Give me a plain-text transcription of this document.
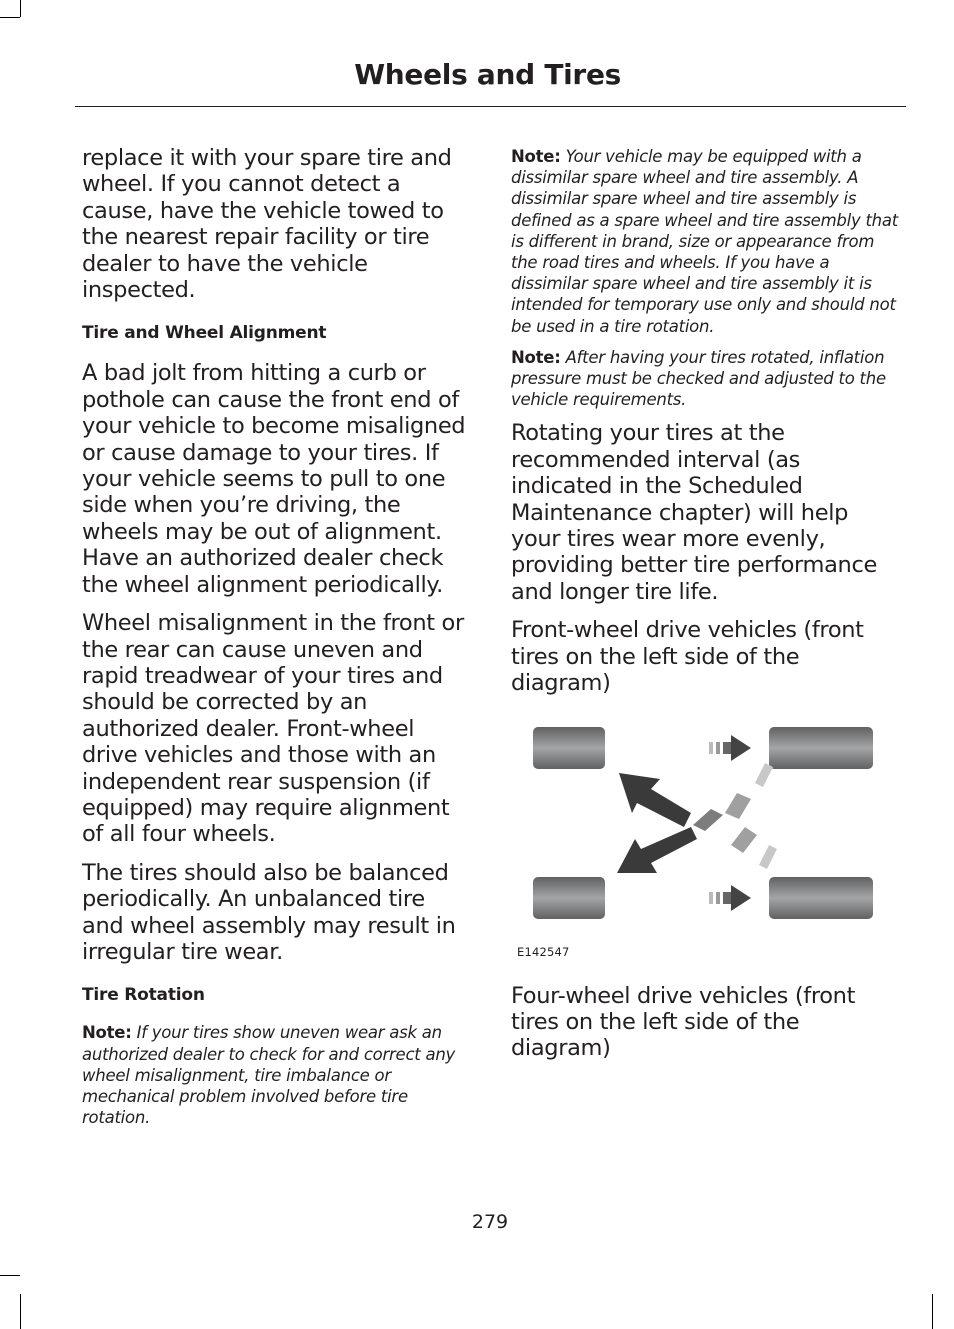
Wheels and Tires

replace it with your spare tire and wheel. If you cannot detect a cause, have the vehicle towed to the nearest repair facility or tire dealer to have the vehicle inspected.

Tire and Wheel Alignment

A bad jolt from hitting a curb or pothole can cause the front end of your vehicle to become misaligned or cause damage to your tires. If your vehicle seems to pull to one side when you’re driving, the wheels may be out of alignment. Have an authorized dealer check the wheel alignment periodically.

Wheel misalignment in the front or the rear can cause uneven and rapid treadwear of your tires and should be corrected by an authorized dealer. Front-wheel drive vehicles and those with an independent rear suspension (if equipped) may require alignment of all four wheels.

The tires should also be balanced periodically. An unbalanced tire and wheel assembly may result in irregular tire wear.

Tire Rotation

Note: If your tires show uneven wear ask an authorized dealer to check for and correct any wheel misalignment, tire imbalance or mechanical problem involved before tire rotation.

Note: Your vehicle may be equipped with a dissimilar spare wheel and tire assembly. A dissimilar spare wheel and tire assembly is defined as a spare wheel and tire assembly that is different in brand, size or appearance from the road tires and wheels. If you have a dissimilar spare wheel and tire assembly it is intended for temporary use only and should not be used in a tire rotation.

Note: After having your tires rotated, inflation pressure must be checked and adjusted to the vehicle requirements.

Rotating your tires at the recommended interval (as indicated in the Scheduled Maintenance chapter) will help your tires wear more evenly, providing better tire performance and longer tire life.

Front-wheel drive vehicles (front tires on the left side of the diagram)

E142547

Four-wheel drive vehicles (front tires on the left side of the diagram)

279
